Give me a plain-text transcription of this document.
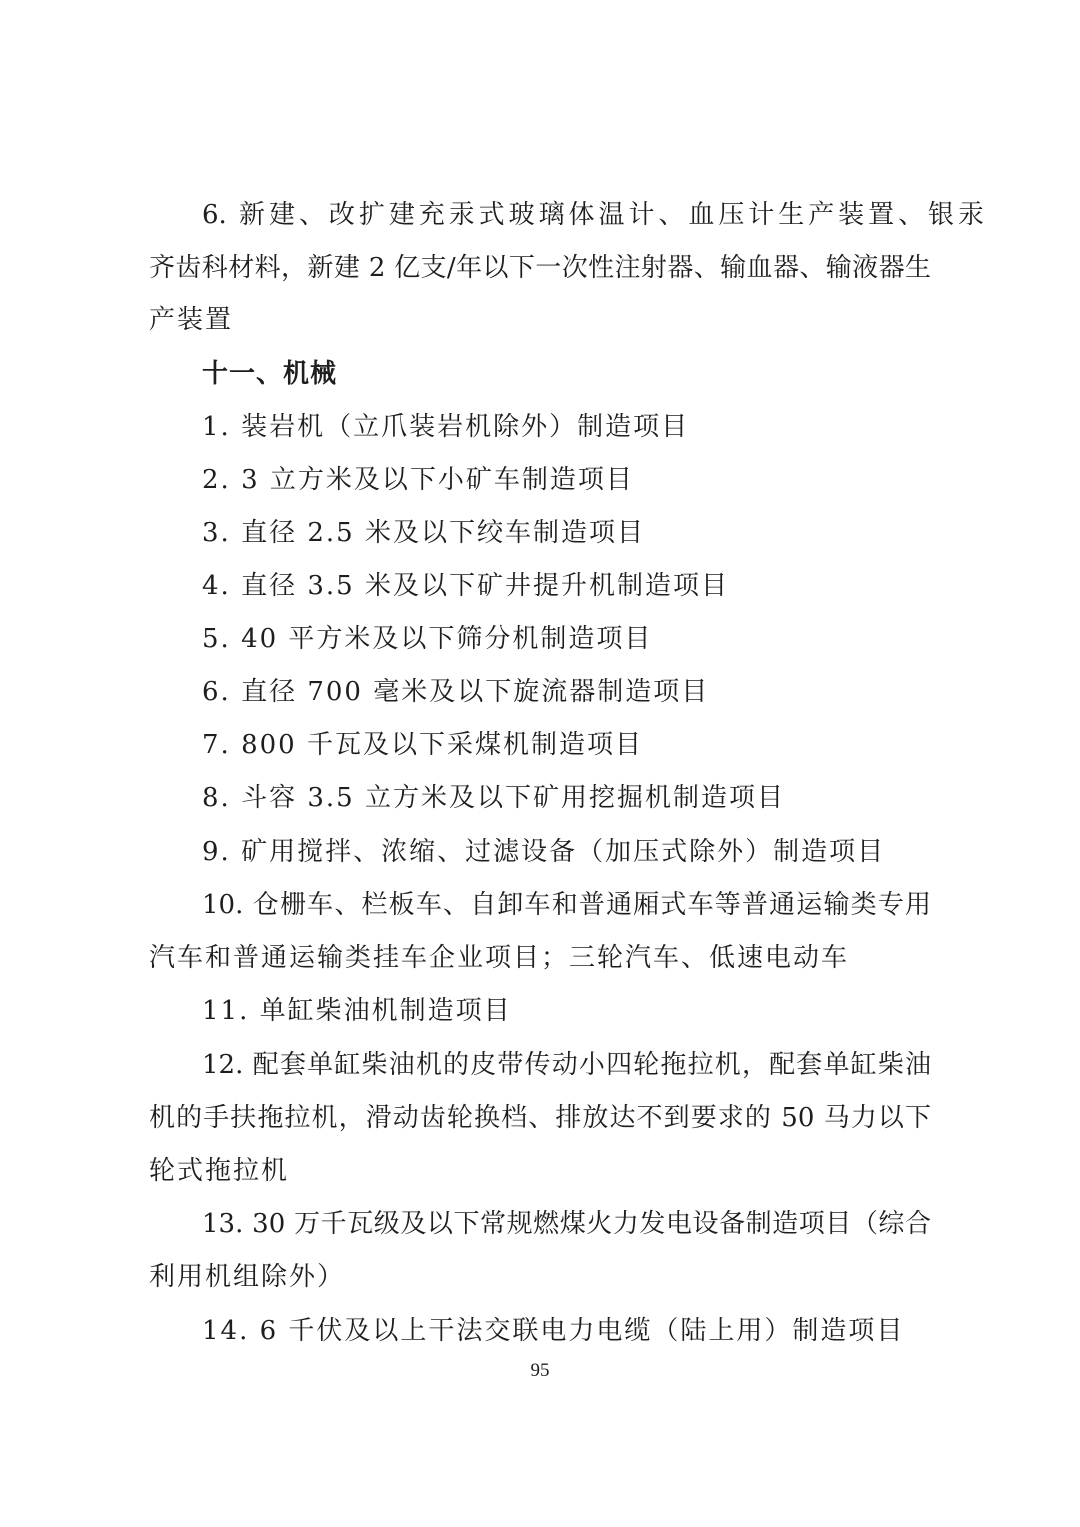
6. 新建、改扩建充汞式玻璃体温计、血压计生产装置、银汞
齐齿科材料，新建 2 亿支/年以下一次性注射器、输血器、输液器生
产装置
十一、机械
1. 装岩机（立爪装岩机除外）制造项目
2. 3 立方米及以下小矿车制造项目
3. 直径 2.5 米及以下绞车制造项目
4. 直径 3.5 米及以下矿井提升机制造项目
5. 40 平方米及以下筛分机制造项目
6. 直径 700 毫米及以下旋流器制造项目
7. 800 千瓦及以下采煤机制造项目
8. 斗容 3.5 立方米及以下矿用挖掘机制造项目
9. 矿用搅拌、浓缩、过滤设备（加压式除外）制造项目
10. 仓栅车、栏板车、自卸车和普通厢式车等普通运输类专用
汽车和普通运输类挂车企业项目；三轮汽车、低速电动车
11. 单缸柴油机制造项目
12. 配套单缸柴油机的皮带传动小四轮拖拉机，配套单缸柴油
机的手扶拖拉机，滑动齿轮换档、排放达不到要求的 50 马力以下
轮式拖拉机
13. 30 万千瓦级及以下常规燃煤火力发电设备制造项目（综合
利用机组除外）
14. 6 千伏及以上干法交联电力电缆（陆上用）制造项目
95
